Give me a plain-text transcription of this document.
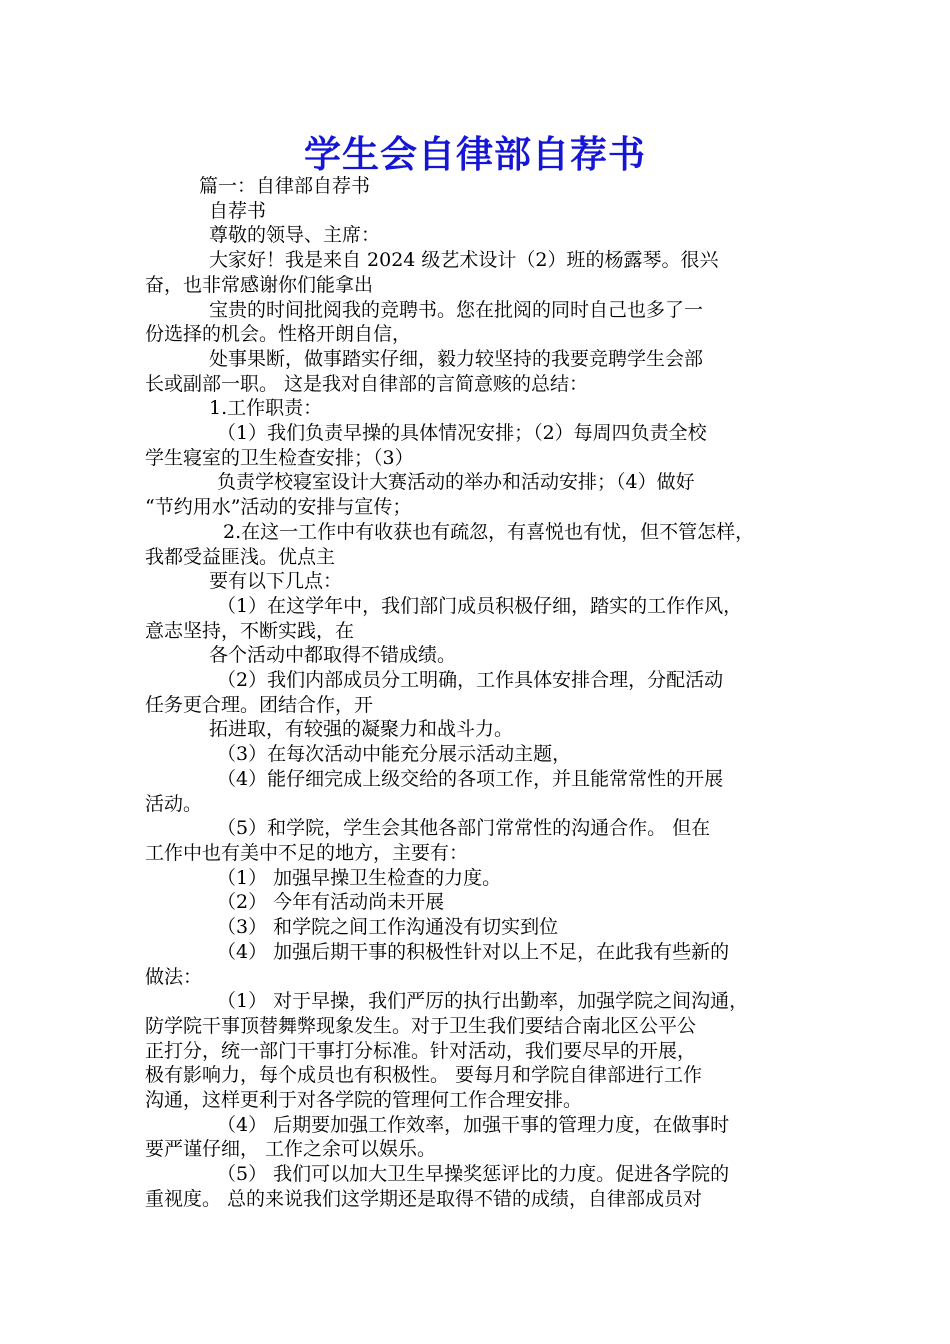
学生会自律部自荐书

篇一：自律部自荐书

自荐书

尊敬的领导、主席：

大家好！我是来自 2024 级艺术设计（2）班的杨露琴。很兴

奋，也非常感谢你们能拿出

宝贵的时间批阅我的竞聘书。您在批阅的同时自己也多了一

份选择的机会。性格开朗自信，

处事果断，做事踏实仔细，毅力较坚持的我要竞聘学生会部

长或副部一职。 这是我对自律部的言简意赅的总结：

1.工作职责：

（1）我们负责早操的具体情况安排；（2）每周四负责全校

学生寝室的卫生检查安排；（3）

负责学校寝室设计大赛活动的举办和活动安排；（4）做好

“节约用水”活动的安排与宣传；

2.在这一工作中有收获也有疏忽，有喜悦也有忧，但不管怎样，

我都受益匪浅。优点主

要有以下几点：

（1）在这学年中，我们部门成员积极仔细，踏实的工作作风，

意志坚持，不断实践，在

各个活动中都取得不错成绩。

（2）我们内部成员分工明确，工作具体安排合理，分配活动

任务更合理。团结合作，开

拓进取，有较强的凝聚力和战斗力。

（3）在每次活动中能充分展示活动主题，

（4）能仔细完成上级交给的各项工作，并且能常常性的开展

活动。

（5）和学院，学生会其他各部门常常性的沟通合作。 但在

工作中也有美中不足的地方，主要有：

（1） 加强早操卫生检查的力度。

（2） 今年有活动尚未开展

（3） 和学院之间工作沟通没有切实到位

（4） 加强后期干事的积极性针对以上不足，在此我有些新的

做法：

（1） 对于早操，我们严厉的执行出勤率，加强学院之间沟通，

防学院干事顶替舞弊现象发生。对于卫生我们要结合南北区公平公

正打分，统一部门干事打分标准。针对活动，我们要尽早的开展，

极有影响力，每个成员也有积极性。 要每月和学院自律部进行工作

沟通，这样更利于对各学院的管理何工作合理安排。

（4） 后期要加强工作效率，加强干事的管理力度，在做事时

要严谨仔细， 工作之余可以娱乐。

（5） 我们可以加大卫生早操奖惩评比的力度。促进各学院的

重视度。 总的来说我们这学期还是取得不错的成绩，自律部成员对
